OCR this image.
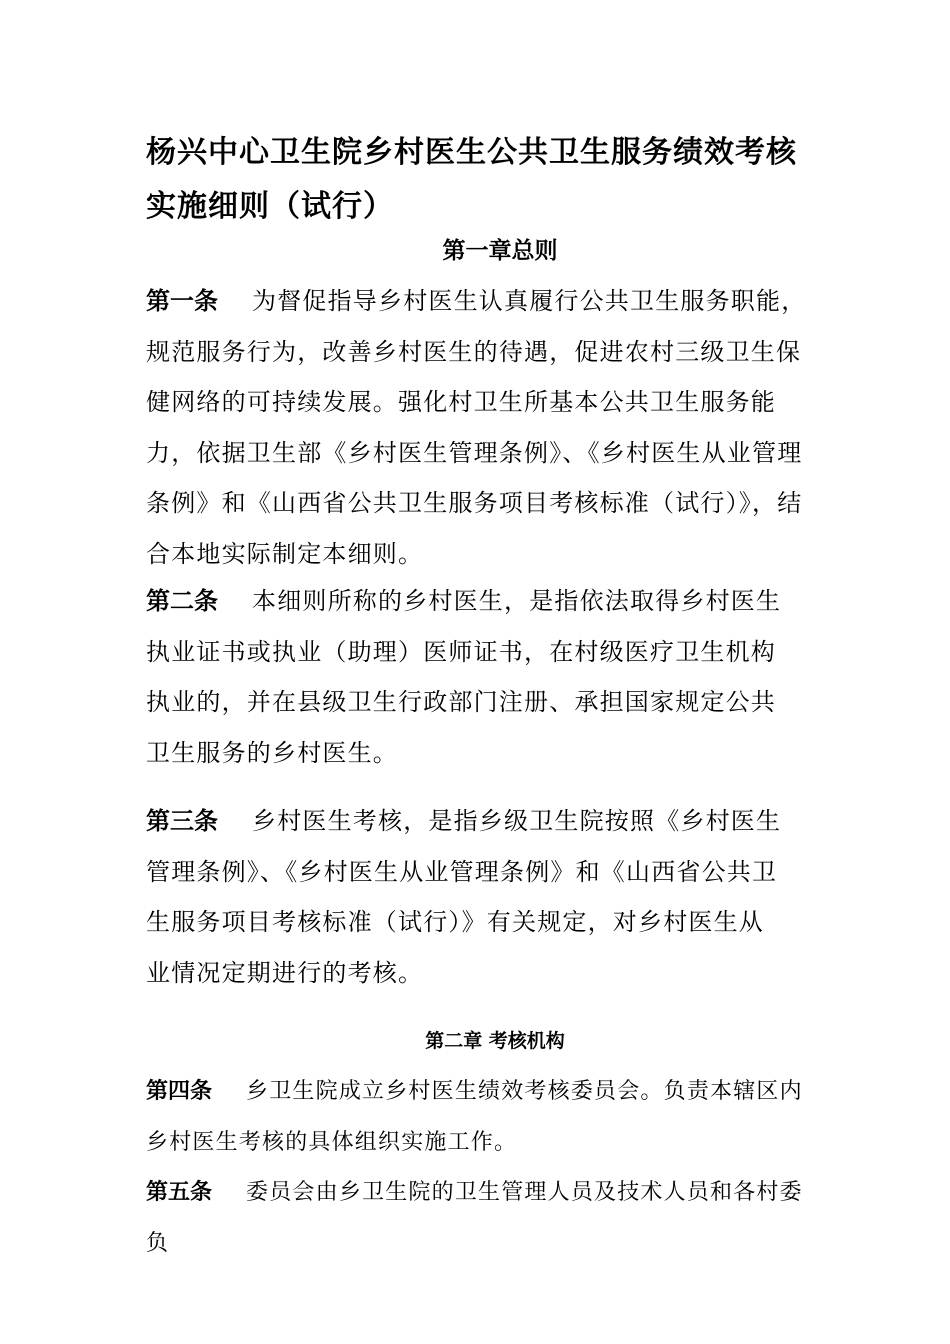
杨兴中心卫生院乡村医生公共卫生服务绩效考核实施细则（试行）
第一章总则
第一条 为督促指导乡村医生认真履行公共卫生服务职能，规范服务行为，改善乡村医生的待遇，促进农村三级卫生保健网络的可持续发展。强化村卫生所基本公共卫生服务能力，依据卫生部《乡村医生管理条例》、《乡村医生从业管理条例》和《山西省公共卫生服务项目考核标准（试行）》，结合本地实际制定本细则。
第二条 本细则所称的乡村医生，是指依法取得乡村医生执业证书或执业（助理）医师证书，在村级医疗卫生机构执业的，并在县级卫生行政部门注册、承担国家规定公共卫生服务的乡村医生。
第三条 乡村医生考核，是指乡级卫生院按照《乡村医生管理条例》、《乡村医生从业管理条例》和《山西省公共卫生服务项目考核标准（试行）》有关规定，对乡村医生从业情况定期进行的考核。
第二章 考核机构
第四条 乡卫生院成立乡村医生绩效考核委员会。负责本辖区内乡村医生考核的具体组织实施工作。
第五条 委员会由乡卫生院的卫生管理人员及技术人员和各村委负
